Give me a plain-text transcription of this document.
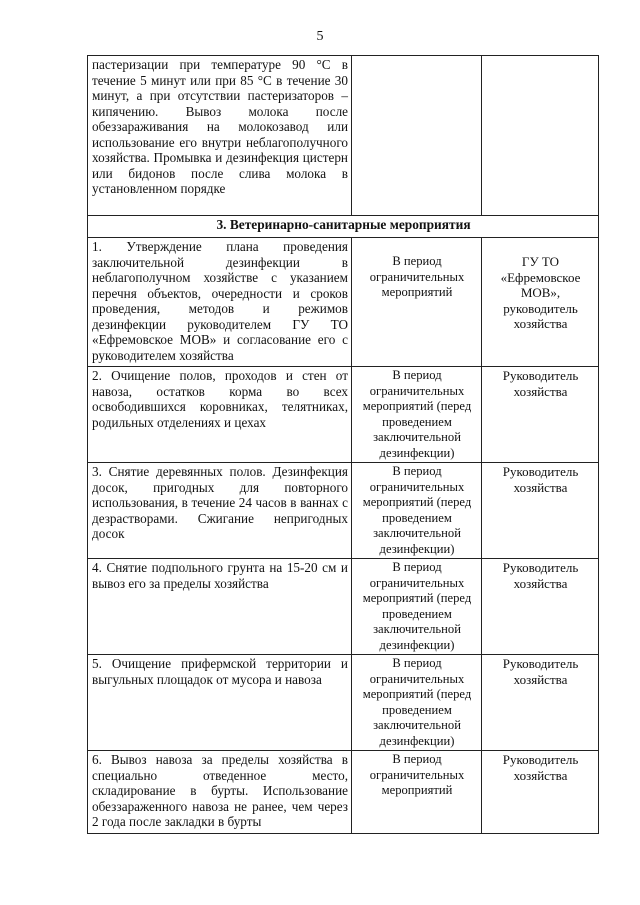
5
пастеризации при температуре 90 °С в течение 5 минут или при 85 °С в течение 30 минут, а при отсутствии пастеризаторов – кипячению. Вывоз молока после обеззараживания на молокозавод или использование его внутри неблагополучного хозяйства. Промывка и дезинфекция цистерн или бидонов после слива молока в установленном порядке		
3. Ветеринарно-санитарные мероприятия		
1. Утверждение плана проведения заключительной дезинфекции в неблагополучном хозяйстве с указанием перечня объектов, очередности и сроков проведения, методов и режимов дезинфекции руководителем ГУ ТО «Ефремовское МОВ» и согласование его с руководителем хозяйства	В период ограничительных мероприятий	ГУ ТО «Ефремовское МОВ», руководитель хозяйства
2. Очищение полов, проходов и стен от навоза, остатков корма во всех освободившихся коровниках, телятниках, родильных отделениях и цехах	В период ограничительных мероприятий (перед проведением заключительной дезинфекции)	Руководитель хозяйства
3. Снятие деревянных полов. Дезинфекция досок, пригодных для повторного использования, в течение 24 часов в ваннах с дезрастворами. Сжигание непригодных досок	В период ограничительных мероприятий (перед проведением заключительной дезинфекции)	Руководитель хозяйства
4. Снятие подпольного грунта на 15-20 см и вывоз его за пределы хозяйства	В период ограничительных мероприятий (перед проведением заключительной дезинфекции)	Руководитель хозяйства
5. Очищение прифермской территории и выгульных площадок от мусора и навоза	В период ограничительных мероприятий (перед проведением заключительной дезинфекции)	Руководитель хозяйства
6. Вывоз навоза за пределы хозяйства в специально отведенное место, складирование в бурты. Использование обеззараженного навоза не ранее, чем через 2 года после закладки в бурты	В период ограничительных мероприятий	Руководитель хозяйства
